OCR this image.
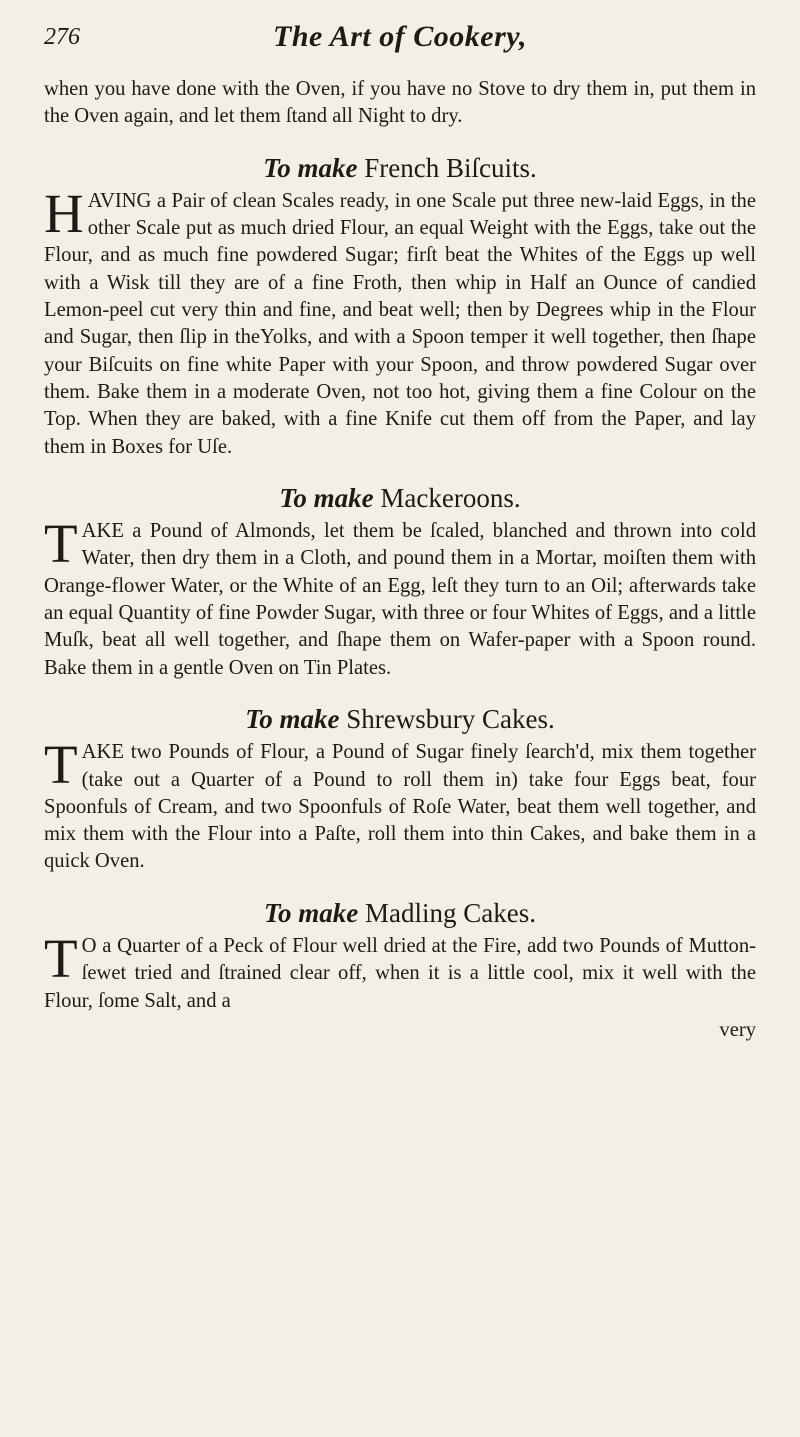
276	The Art of Cookery,

when you have done with the Oven, if you have no Stove to dry them in, put them in the Oven again, and let them ſtand all Night to dry.

To make French Biſcuits.

HAVING a Pair of clean Scales ready, in one Scale put three new-laid Eggs, in the other Scale put as much dried Flour, an equal Weight with the Eggs, take out the Flour, and as much fine powdered Sugar; firſt beat the Whites of the Eggs up well with a Wisk till they are of a fine Froth, then whip in Half an Ounce of candied Lemon-peel cut very thin and fine, and beat well; then by Degrees whip in the Flour and Sugar, then ſlip in theYolks, and with a Spoon temper it well together, then ſhape your Biſcuits on fine white Paper with your Spoon, and throw powdered Sugar over them. Bake them in a moderate Oven, not too hot, giving them a fine Colour on the Top. When they are baked, with a fine Knife cut them off from the Paper, and lay them in Boxes for Uſe.

To make Mackeroons.

TAKE a Pound of Almonds, let them be ſcaled, blanched and thrown into cold Water, then dry them in a Cloth, and pound them in a Mortar, moiſten them with Orange-flower Water, or the White of an Egg, leſt they turn to an Oil; afterwards take an equal Quantity of fine Powder Sugar, with three or four Whites of Eggs, and a little Muſk, beat all well together, and ſhape them on Wafer-paper with a Spoon round. Bake them in a gentle Oven on Tin Plates.

To make Shrewsbury Cakes.

TAKE two Pounds of Flour, a Pound of Sugar finely ſearch'd, mix them together (take out a Quarter of a Pound to roll them in) take four Eggs beat, four Spoonfuls of Cream, and two Spoonfuls of Roſe Water, beat them well together, and mix them with the Flour into a Paſte, roll them into thin Cakes, and bake them in a quick Oven.

To make Madling Cakes.

T O a Quarter of a Peck of Flour well dried at the Fire, add two Pounds of Mutton-ſewet tried and ſtrained clear off, when it is a little cool, mix it well with the Flour, ſome Salt, and a

very
